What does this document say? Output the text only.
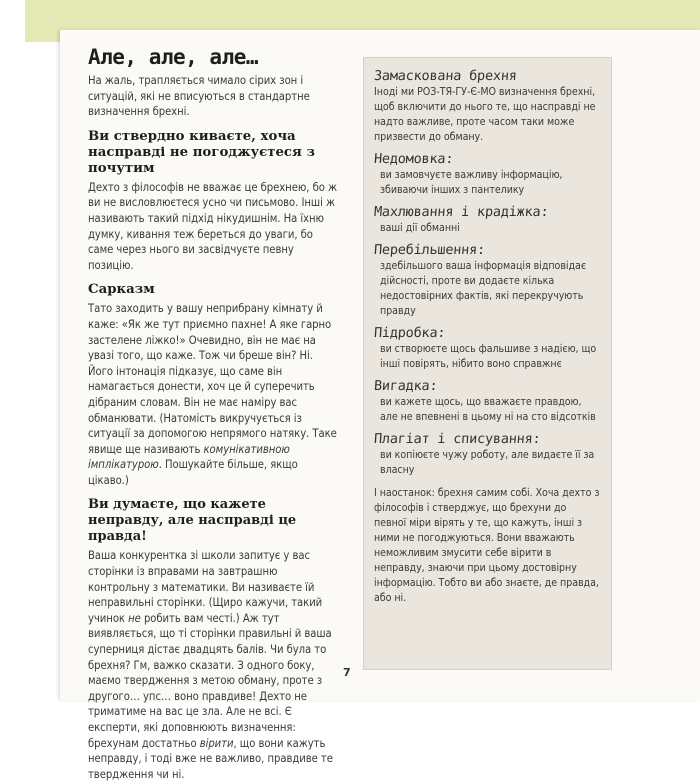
Але, але, але…

На жаль, трапляється чимало сірих зон і ситуацій, які не вписуються в стандартне визначення брехні.

Ви ствердно киваєте, хоча насправді не погоджуєтеся з почутим

Дехто з філософів не вважає це брехнею, бо ж ви не висловлюєтеся усно чи письмово. Інші ж називають такий підхід нікудишнім. На їхню думку, кивання теж береться до уваги, бо саме через нього ви засвідчуєте певну позицію.

Сарказм

Тато заходить у вашу неприбрану кімнату й каже: «Як же тут приємно пахне! А яке гарно застелене ліжко!» Очевидно, він не має на увазі того, що каже. Тож чи бреше він? Ні. Його інтонація підказує, що саме він намагається донести, хоч це й суперечить дібраним словам. Він не має наміру вас обманювати. (Натомість викручується із ситуації за допомогою непрямого натяку. Таке явище ще називають комунікативною імплікатурою. Пошукайте більше, якщо цікаво.)

Ви думаєте, що кажете неправду, але насправді це правда!

Ваша конкурентка зі школи запитує у вас сторінки із вправами на завтрашню контрольну з математики. Ви називаєте їй неправильні сторінки. (Щиро кажучи, такий учинок не робить вам честі.) Аж тут виявляється, що ті сторінки правильні й ваша суперниця дістає двадцять балів. Чи була то брехня? Гм, важко сказати. З одного боку, маємо твердження з метою обману, проте з другого… упс… воно правдиве! Дехто не триматиме на вас це зла. Але не всі. Є експерти, які доповнюють визначення: брехунам достатньо вірити, що вони кажуть неправду, і тоді вже не важливо, правдиве те твердження чи ні.

Замаскована брехня

Іноді ми РОЗ-ТЯ-ГУ-Є-МО визначення брехні, щоб включити до нього те, що насправді не надто важливе, проте часом таки може призвести до обману.

Недомовка:

ви замовчуєте важливу інформацію, збиваючи інших з пантелику

Махлювання і крадіжка:

ваші дії обманні

Перебільшення:

здебільшого ваша інформація відповідає дійсності, проте ви додаєте кілька недостовірних фактів, які перекручують правду

Підробка:

ви створюєте щось фальшиве з надією, що інші повірять, нібито воно справжнє

Вигадка:

ви кажете щось, що вважаєте правдою, але не впевнені в цьому ні на сто відсотків

Плагіат і списування:

ви копіюєте чужу роботу, але видаєте її за власну

І наостанок: брехня самим собі. Хоча дехто з філософів і стверджує, що брехуни до певної міри вірять у те, що кажуть, інші з ними не погоджуються. Вони вважають неможливим змусити себе вірити в неправду, знаючи при цьому достовірну інформацію. Тобто ви або знаєте, де правда, або ні.

7
